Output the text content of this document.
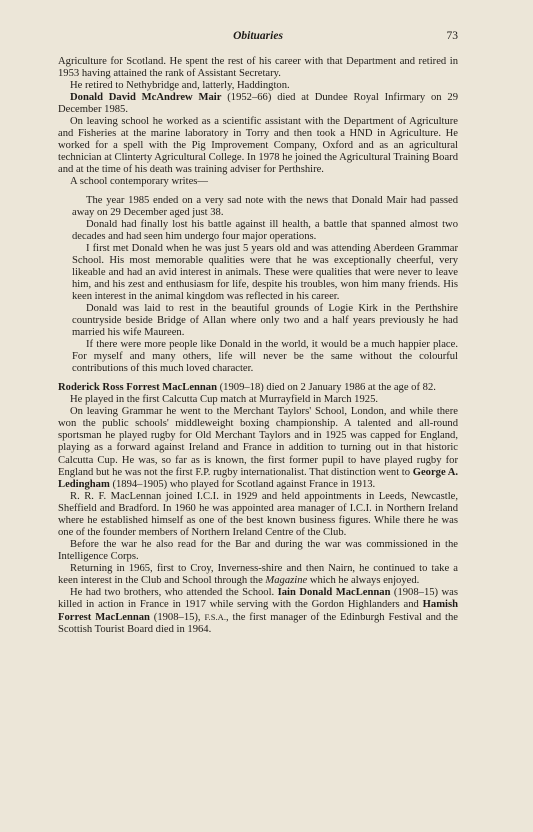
Obituaries	73

Agriculture for Scotland. He spent the rest of his career with that Department and retired in 1953 having attained the rank of Assistant Secretary.

He retired to Nethybridge and, latterly, Haddington.

Donald David McAndrew Mair (1952–66) died at Dundee Royal Infirmary on 29 December 1985.

On leaving school he worked as a scientific assistant with the Department of Agriculture and Fisheries at the marine laboratory in Torry and then took a HND in Agriculture. He worked for a spell with the Pig Improvement Company, Oxford and as an agricultural technician at Clinterty Agricultural College. In 1978 he joined the Agricultural Training Board and at the time of his death was training adviser for Perthshire.

A school contemporary writes—

The year 1985 ended on a very sad note with the news that Donald Mair had passed away on 29 December aged just 38.

Donald had finally lost his battle against ill health, a battle that spanned almost two decades and had seen him undergo four major operations.

I first met Donald when he was just 5 years old and was attending Aberdeen Grammar School. His most memorable qualities were that he was exceptionally cheerful, very likeable and had an avid interest in animals. These were qualities that were never to leave him, and his zest and enthusiasm for life, despite his troubles, won him many friends. His keen interest in the animal kingdom was reflected in his career.

Donald was laid to rest in the beautiful grounds of Logie Kirk in the Perthshire countryside beside Bridge of Allan where only two and a half years previously he had married his wife Maureen.

If there were more people like Donald in the world, it would be a much happier place. For myself and many others, life will never be the same without the colourful contributions of this much loved character.

Roderick Ross Forrest MacLennan (1909–18) died on 2 January 1986 at the age of 82.

He played in the first Calcutta Cup match at Murrayfield in March 1925.

On leaving Grammar he went to the Merchant Taylors' School, London, and while there won the public schools' middleweight boxing championship. A talented and all-round sportsman he played rugby for Old Merchant Taylors and in 1925 was capped for England, playing as a forward against Ireland and France in addition to turning out in that historic Calcutta Cup. He was, so far as is known, the first former pupil to have played rugby for England but he was not the first F.P. rugby internationalist. That distinction went to George A. Ledingham (1894–1905) who played for Scotland against France in 1913.

R. R. F. MacLennan joined I.C.I. in 1929 and held appointments in Leeds, Newcastle, Sheffield and Bradford. In 1960 he was appointed area manager of I.C.I. in Northern Ireland where he established himself as one of the best known business figures. While there he was one of the founder members of Northern Ireland Centre of the Club.

Before the war he also read for the Bar and during the war was commissioned in the Intelligence Corps.

Returning in 1965, first to Croy, Inverness-shire and then Nairn, he continued to take a keen interest in the Club and School through the Magazine which he always enjoyed.

He had two brothers, who attended the School. Iain Donald MacLennan (1908–15) was killed in action in France in 1917 while serving with the Gordon Highlanders and Hamish Forrest MacLennan (1908–15), F.S.A., the first manager of the Edinburgh Festival and the Scottish Tourist Board died in 1964.
